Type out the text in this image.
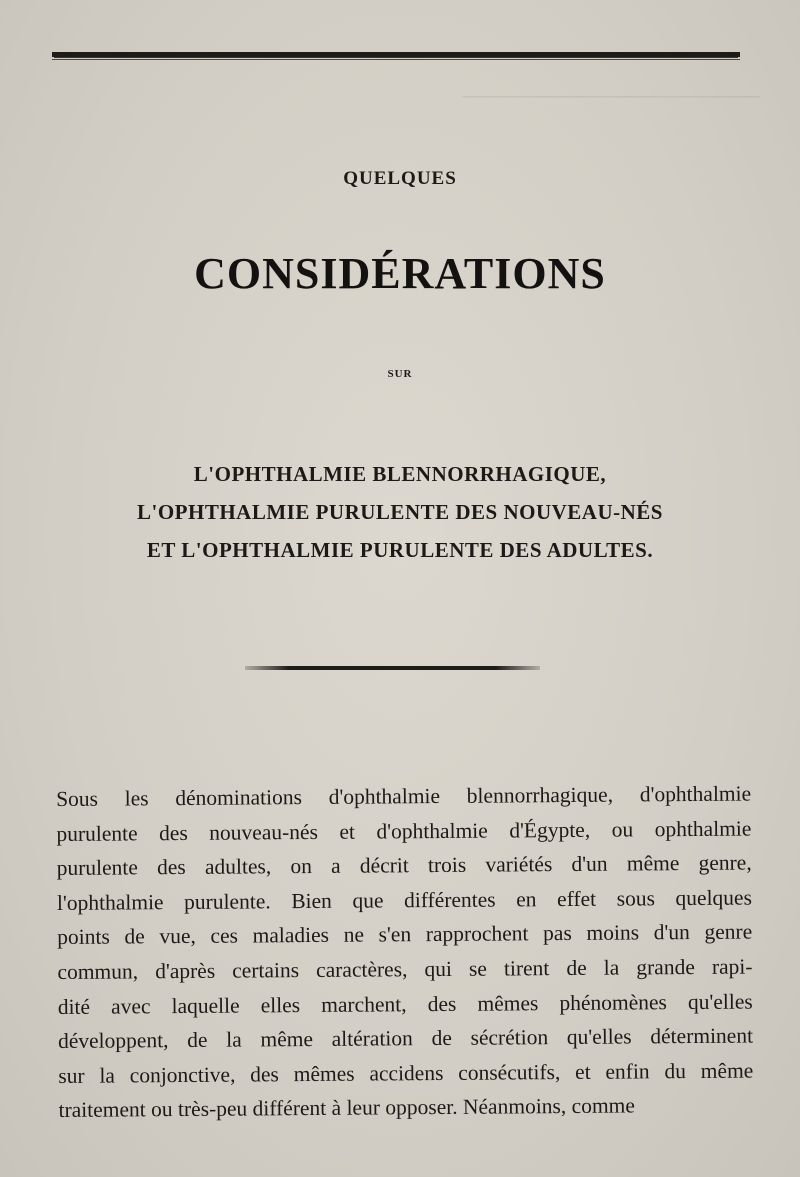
────────────────────
QUELQUES
CONSIDÉRATIONS
SUR
L'OPHTHALMIE BLENNORRHAGIQUE,
L'OPHTHALMIE PURULENTE DES NOUVEAU-NÉS
ET L'OPHTHALMIE PURULENTE DES ADULTES.
Sous les dénominations d'ophthalmie blennorrhagique, d'ophthalmie
purulente des nouveau-nés et d'ophthalmie d'Égypte, ou ophthalmie
purulente des adultes, on a décrit trois variétés d'un même genre,
l'ophthalmie purulente. Bien que différentes en effet sous quelques
points de vue, ces maladies ne s'en rapprochent pas moins d'un genre
commun, d'après certains caractères, qui se tirent de la grande rapi-
dité avec laquelle elles marchent, des mêmes phénomènes qu'elles
développent, de la même altération de sécrétion qu'elles déterminent
sur la conjonctive, des mêmes accidens consécutifs, et enfin du même
traitement ou très-peu différent à leur opposer. Néanmoins, comme
